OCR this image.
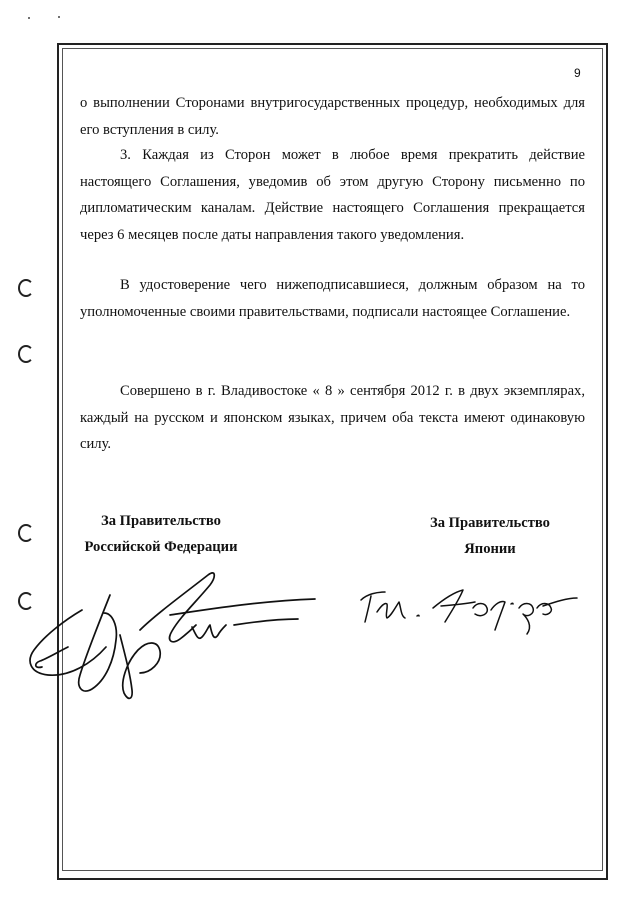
9

о выполнении Сторонами внутригосударственных процедур, необходимых для его вступления в силу.

3. Каждая из Сторон может в любое время прекратить действие настоящего Соглашения, уведомив об этом другую Сторону письменно по дипломатическим каналам. Действие настоящего Соглашения прекращается через 6 месяцев после даты направления такого уведомления.

В удостоверение чего нижеподписавшиеся, должным образом на то уполномоченные своими правительствами, подписали настоящее Соглашение.

Совершено в г. Владивостоке « 8 » сентября 2012 г. в двух экземплярах, каждый на русском и японском языках, причем оба текста имеют одинаковую силу.

За Правительство
Российской Федерации
За Правительство
Японии
